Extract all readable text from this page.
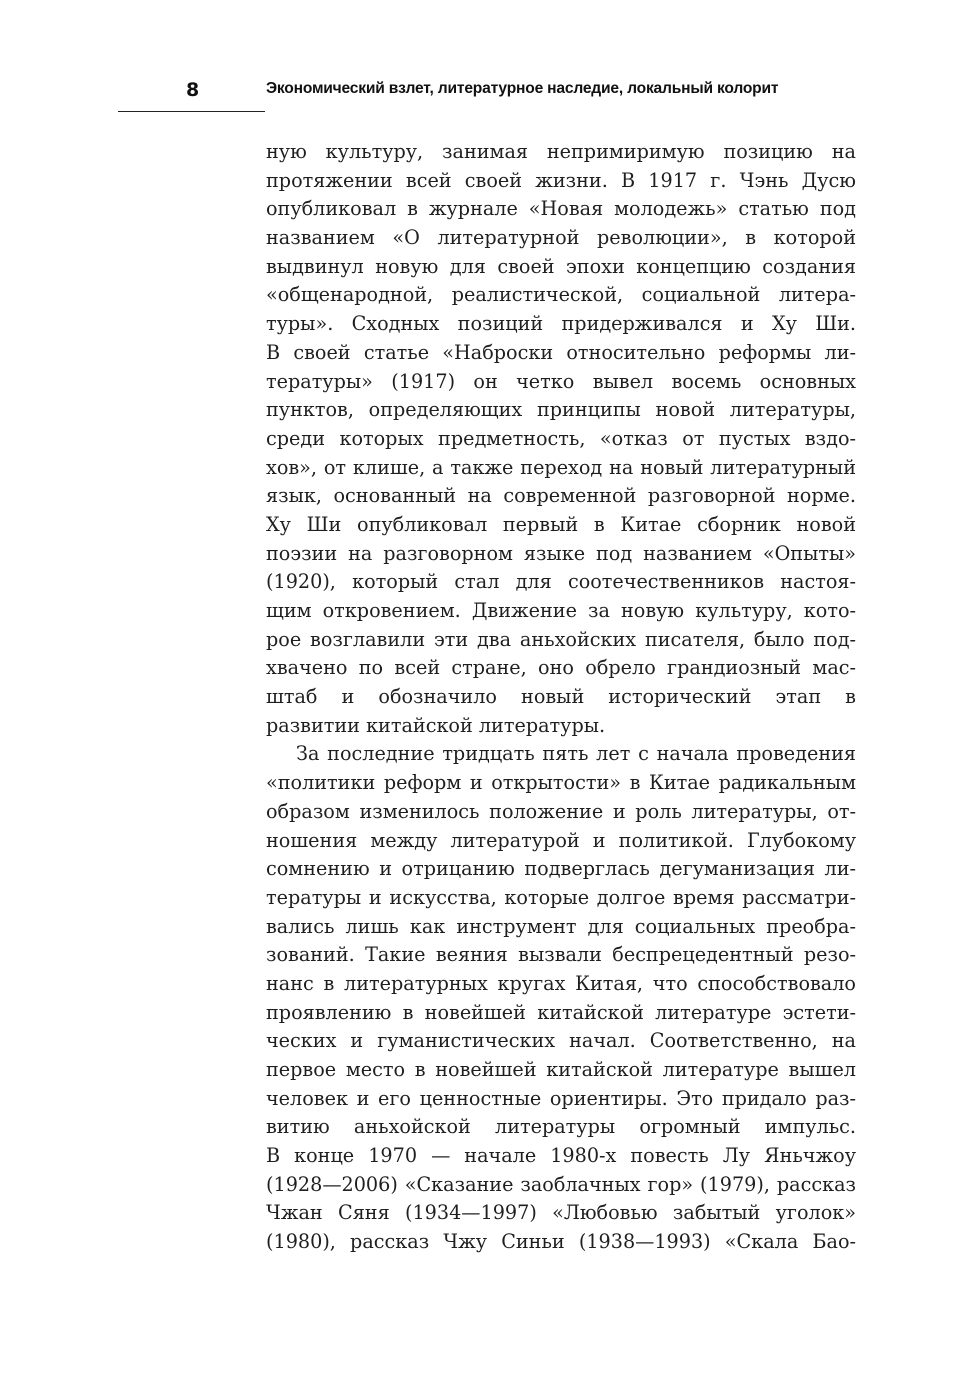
8	Экономический взлет, литературное наследие, локальный колорит
ную культуру, занимая непримиримую позицию на
протяжении всей своей жизни. В 1917 г. Чэнь Дусю
опубликовал в журнале «Новая молодежь» статью под
названием «О литературной революции», в которой
выдвинул новую для своей эпохи концепцию создания
«общенародной, реалистической, социальной литера-
туры». Сходных позиций придерживался и Ху Ши.
В своей статье «Наброски относительно реформы ли-
тературы» (1917) он четко вывел восемь основных
пунктов, определяющих принципы новой литературы,
среди которых предметность, «отказ от пустых вздо-
хов», от клише, а также переход на новый литературный
язык, основанный на современной разговорной норме.
Ху Ши опубликовал первый в Китае сборник новой
поэзии на разговорном языке под названием «Опыты»
(1920), который стал для соотечественников настоя-
щим откровением. Движение за новую культуру, кото-
рое возглавили эти два аньхойских писателя, было под-
хвачено по всей стране, оно обрело грандиозный мас-
штаб и обозначило новый исторический этап в
развитии китайской литературы.
За последние тридцать пять лет с начала проведения
«политики реформ и открытости» в Китае радикальным
образом изменилось положение и роль литературы, от-
ношения между литературой и политикой. Глубокому
сомнению и отрицанию подверглась дегуманизация ли-
тературы и искусства, которые долгое время рассматри-
вались лишь как инструмент для социальных преобра-
зований. Такие веяния вызвали беспрецедентный резо-
нанс в литературных кругах Китая, что способствовало
проявлению в новейшей китайской литературе эстети-
ческих и гуманистических начал. Соответственно, на
первое место в новейшей китайской литературе вышел
человек и его ценностные ориентиры. Это придало раз-
витию аньхойской литературы огромный импульс.
В конце 1970 — начале 1980-х повесть Лу Яньчжоу
(1928—2006) «Сказание заоблачных гор» (1979), рассказ
Чжан Сяня (1934—1997) «Любовью забытый уголок»
(1980), рассказ Чжу Синьи (1938—1993) «Скала Бао-
